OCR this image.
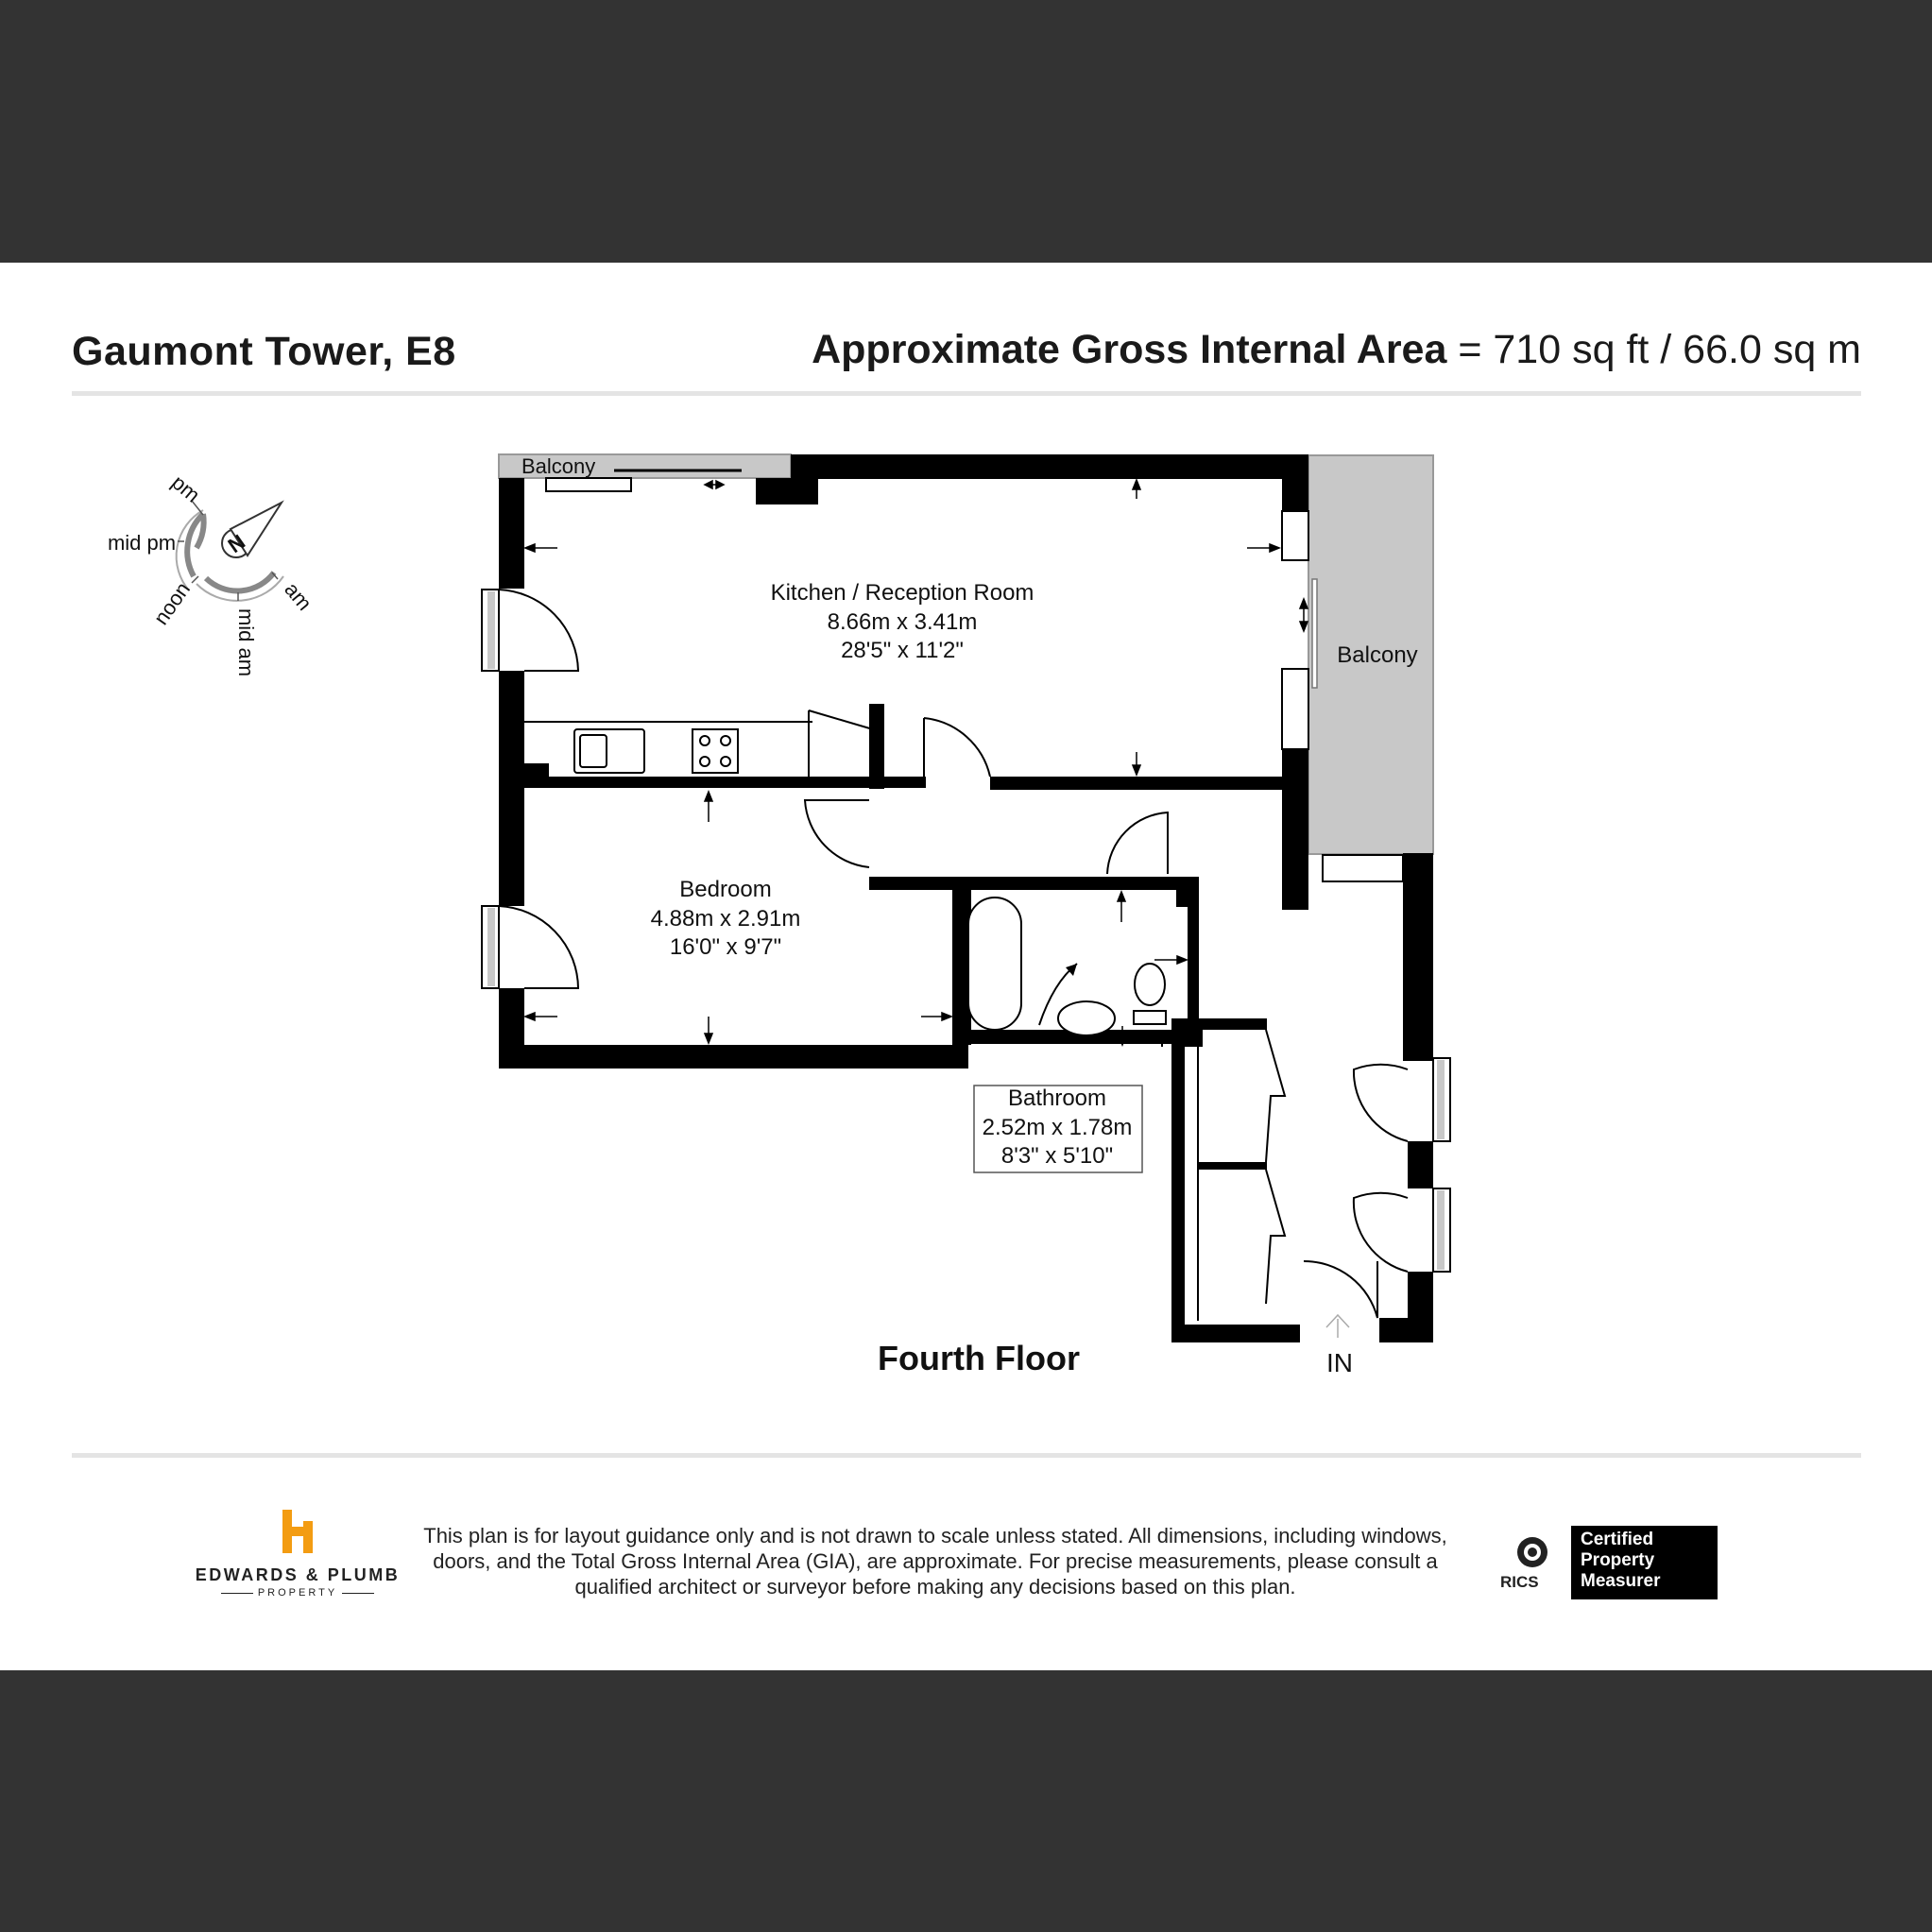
Gaumont Tower, E8	Approximate Gross Internal Area = 710 sq ft / 66.0 sq m
N
pm
mid pm
noon
mid am
am	Kitchen / Reception Room
8.66m x 3.41m
28'5" x 11'2"
Bedroom
4.88m x 2.91m
16'0" x 9'7"
Bathroom
2.52m x 1.78m
8'3" x 5'10"
Balcony
Balcony
Fourth Floor	IN
EDWARDS & PLUMB
PROPERTY
This plan is for layout guidance only and is not drawn to scale unless stated. All dimensions, including windows, doors, and the Total Gross Internal Area (GIA), are approximate. For precise measurements, please consult a qualified architect or surveyor before making any decisions based on this plan.	RICS
Certified
Property
Measurer
